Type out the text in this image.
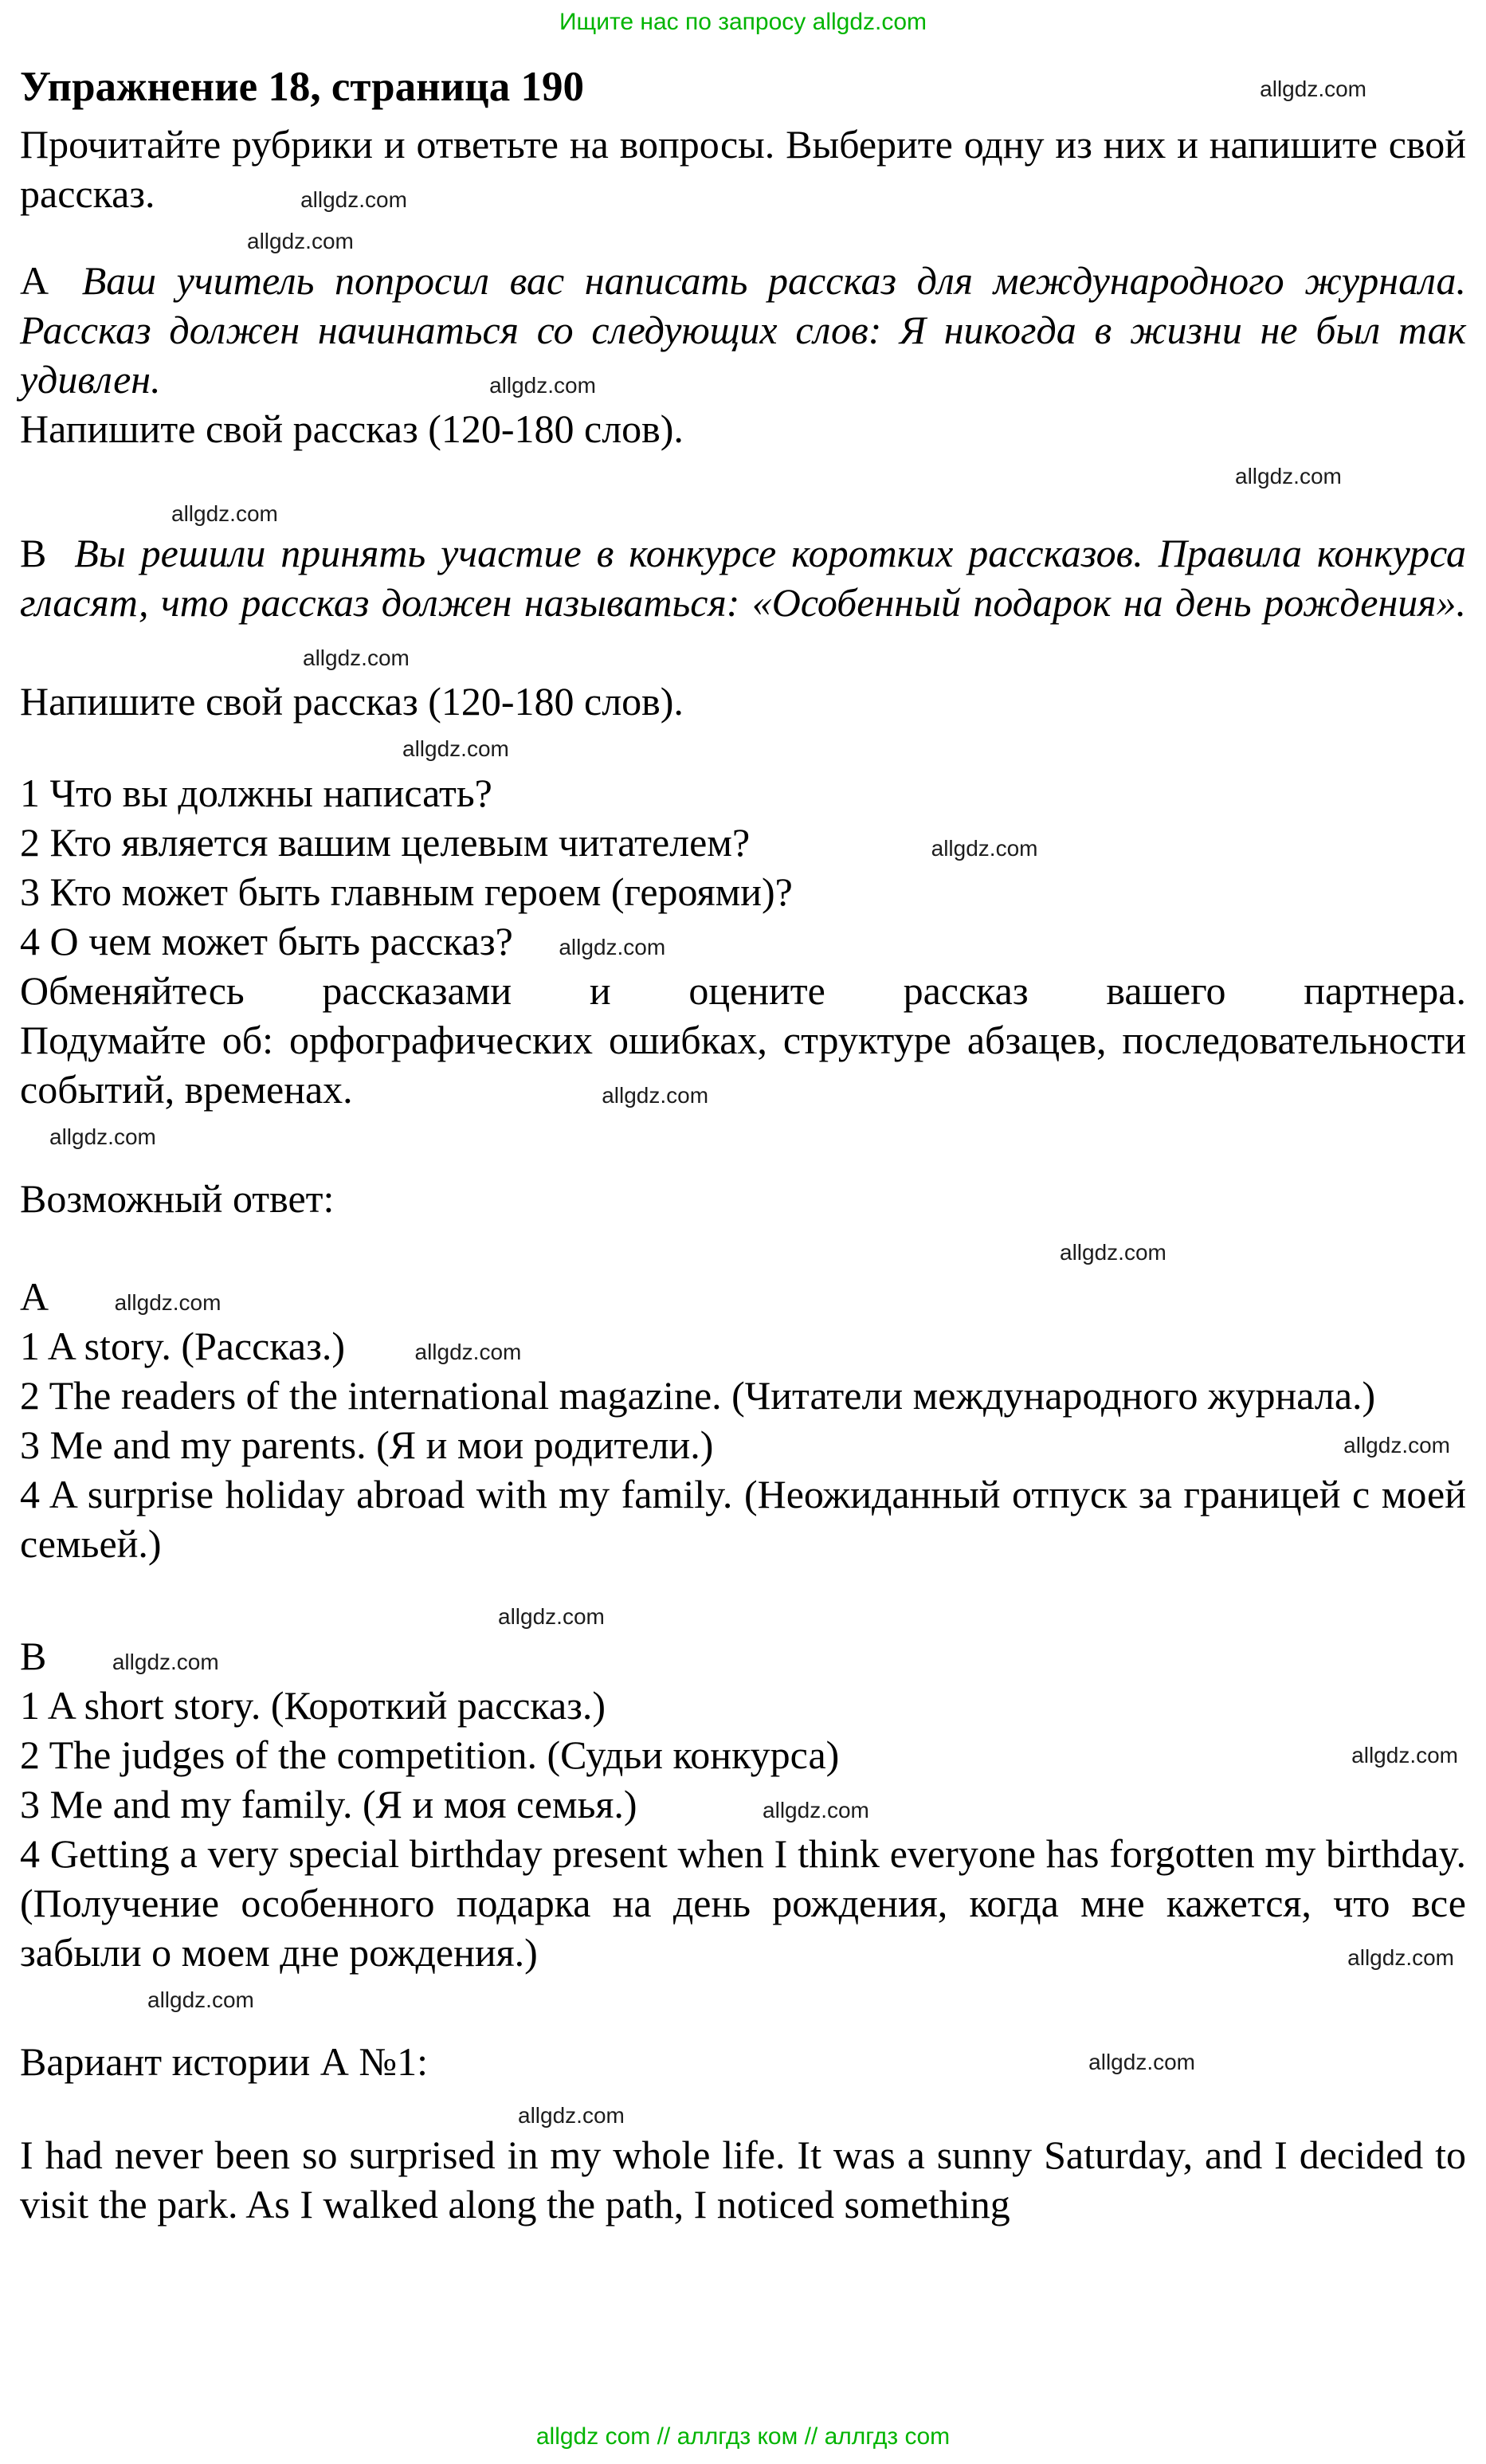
Ищите нас по запросу allgdz.com
Упражнение 18, страница 190	allgdz.com

Прочитайте рубрики и ответьте на вопросы. Выберите одну из них и напишите свой рассказ.	allgdz.com

allgdz.com

А Ваш учитель попросил вас написать рассказ для международного журнала. Рассказ должен начинаться со следующих слов: Я никогда в жизни не был так удивлен.	allgdz.com

Напишите свой рассказ (120-180 слов).
allgdz.com
allgdz.com

В Вы решили принять участие в конкурсе коротких рассказов. Правила конкурса гласят, что рассказ должен называться: «Особенный подарок на день рождения». allgdz.com

Напишите свой рассказ (120-180 слов).
allgdz.com
1 Что вы должны написать?
2 Кто является вашим целевым читателем?	allgdz.com
3 Кто может быть главным героем (героями)?
4 О чем может быть рассказ? allgdz.com

Обменяйтесь рассказами и оцените рассказ вашего партнера.
Подумайте об: орфографических ошибках, структуре абзацев, последовательности событий, временах.	allgdz.com

allgdz.com
Возможный ответ:
allgdz.com
А	allgdz.com
1 A story. (Рассказ.)	allgdz.com

2 The readers of the international magazine. (Читатели международного журнала.)

3 Me and my parents. (Я и мои родители.)	allgdz.com

4 A surprise holiday abroad with my family. (Неожиданный отпуск за границей с моей семьей.)

allgdz.com
B	allgdz.com
1 A short story. (Короткий рассказ.)
2 The judges of the competition. (Судьи конкурса)	allgdz.com
3 Me and my family. (Я и моя семья.)	allgdz.com

4 Getting a very special birthday present when I think everyone has forgotten my birthday. (Получение особенного подарка на день рождения, когда мне кажется, что все забыли о моем дне рождения.)	allgdz.com

allgdz.com
Вариант истории А №1:	allgdz.com
allgdz.com

I had never been so surprised in my whole life. It was a sunny Saturday, and I decided to visit the park. As I walked along the path, I noticed something

allgdz com // аллгдз ком // аллгдз com
